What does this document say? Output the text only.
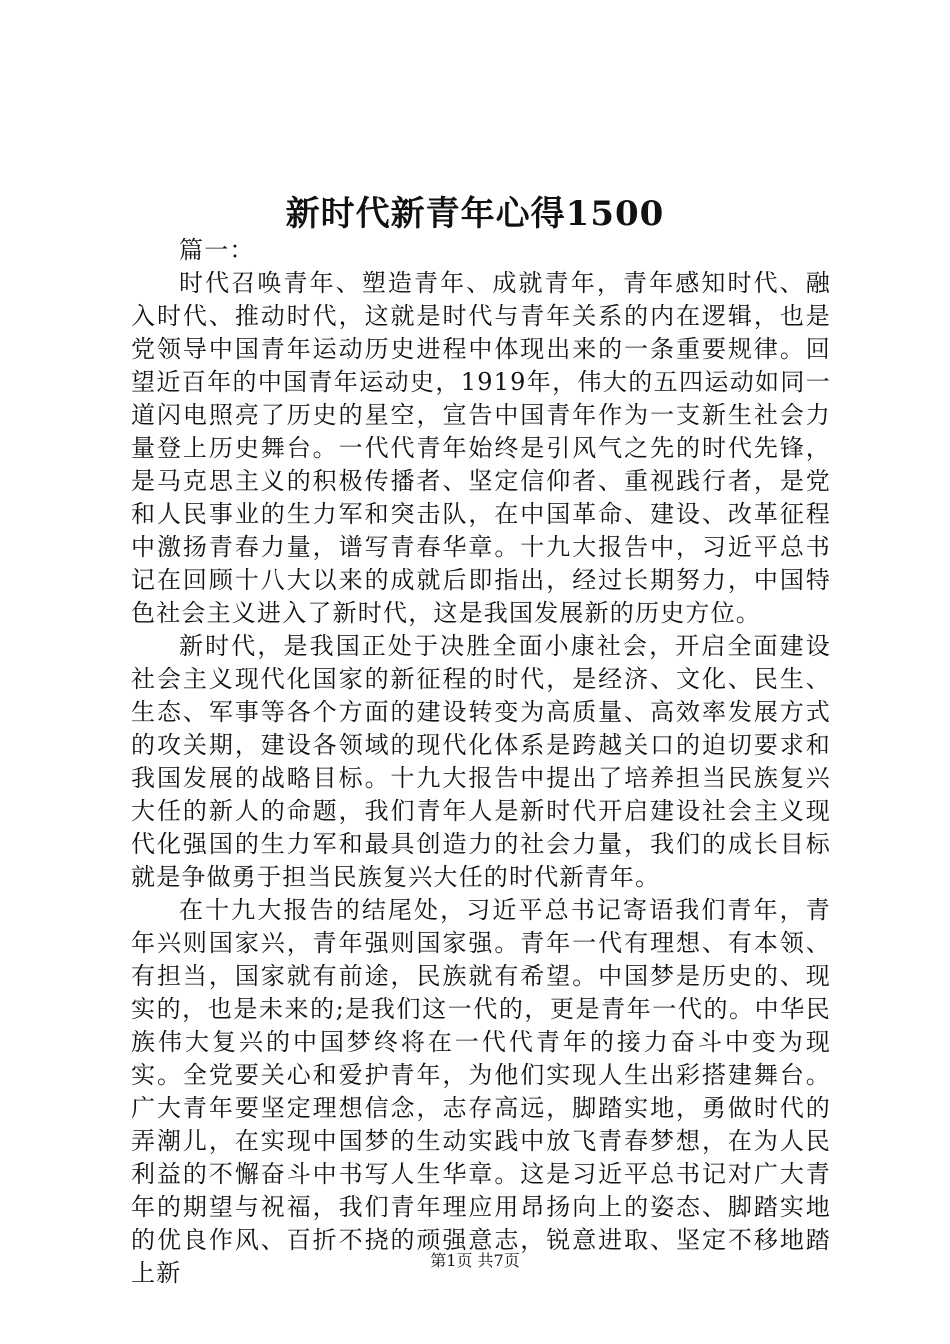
新时代新青年心得1500

篇一：

时代召唤青年、塑造青年、成就青年，青年感知时代、融入时代、推动时代，这就是时代与青年关系的内在逻辑，也是党领导中国青年运动历史进程中体现出来的一条重要规律。回望近百年的中国青年运动史，1919年，伟大的五四运动如同一道闪电照亮了历史的星空，宣告中国青年作为一支新生社会力量登上历史舞台。一代代青年始终是引风气之先的时代先锋，是马克思主义的积极传播者、坚定信仰者、重视践行者，是党和人民事业的生力军和突击队，在中国革命、建设、改革征程中激扬青春力量，谱写青春华章。十九大报告中，习近平总书记在回顾十八大以来的成就后即指出，经过长期努力，中国特色社会主义进入了新时代，这是我国发展新的历史方位。

新时代，是我国正处于决胜全面小康社会，开启全面建设社会主义现代化国家的新征程的时代，是经济、文化、民生、生态、军事等各个方面的建设转变为高质量、高效率发展方式的攻关期，建设各领域的现代化体系是跨越关口的迫切要求和我国发展的战略目标。十九大报告中提出了培养担当民族复兴大任的新人的命题，我们青年人是新时代开启建设社会主义现代化强国的生力军和最具创造力的社会力量，我们的成长目标就是争做勇于担当民族复兴大任的时代新青年。

在十九大报告的结尾处，习近平总书记寄语我们青年，青年兴则国家兴，青年强则国家强。青年一代有理想、有本领、有担当，国家就有前途，民族就有希望。中国梦是历史的、现实的，也是未来的;是我们这一代的，更是青年一代的。中华民族伟大复兴的中国梦终将在一代代青年的接力奋斗中变为现实。全党要关心和爱护青年，为他们实现人生出彩搭建舞台。广大青年要坚定理想信念，志存高远，脚踏实地，勇做时代的弄潮儿，在实现中国梦的生动实践中放飞青春梦想，在为人民利益的不懈奋斗中书写人生华章。这是习近平总书记对广大青年的期望与祝福，我们青年理应用昂扬向上的姿态、脚踏实地的优良作风、百折不挠的顽强意志，锐意进取、坚定不移地踏上新	第1页 共7页
